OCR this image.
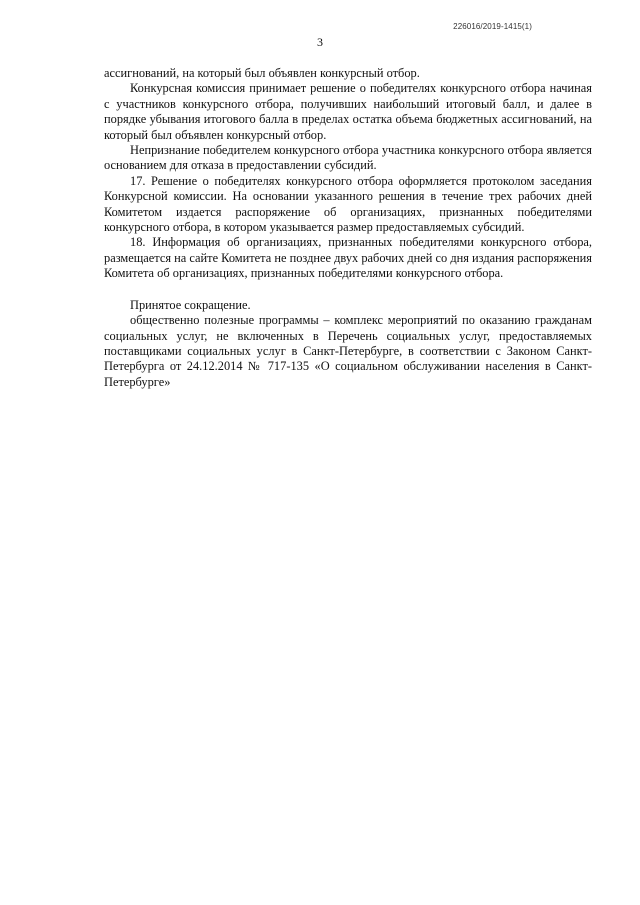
226016/2019-1415(1)
3

ассигнований, на который был объявлен конкурсный отбор.

Конкурсная комиссия принимает решение о победителях конкурсного отбора начиная с участников конкурсного отбора, получивших наибольший итоговый балл, и далее в порядке убывания итогового балла в пределах остатка объема бюджетных ассигнований, на который был объявлен конкурсный отбор.

Непризнание победителем конкурсного отбора участника конкурсного отбора является основанием для отказа в предоставлении субсидий.

17. Решение о победителях конкурсного отбора оформляется протоколом заседания Конкурсной комиссии. На основании указанного решения в течение трех рабочих дней Комитетом издается распоряжение об организациях, признанных победителями конкурсного отбора, в котором указывается размер предоставляемых субсидий.

18. Информация об организациях, признанных победителями конкурсного отбора, размещается на сайте Комитета не позднее двух рабочих дней со дня издания распоряжения Комитета об организациях, признанных победителями конкурсного отбора.

Принятое сокращение.

общественно полезные программы – комплекс мероприятий по оказанию гражданам социальных услуг, не включенных в Перечень социальных услуг, предоставляемых поставщиками социальных услуг в Санкт-Петербурге, в соответствии с Законом Санкт-Петербурга от 24.12.2014 № 717-135 «О социальном обслуживании населения в Санкт-Петербурге»
